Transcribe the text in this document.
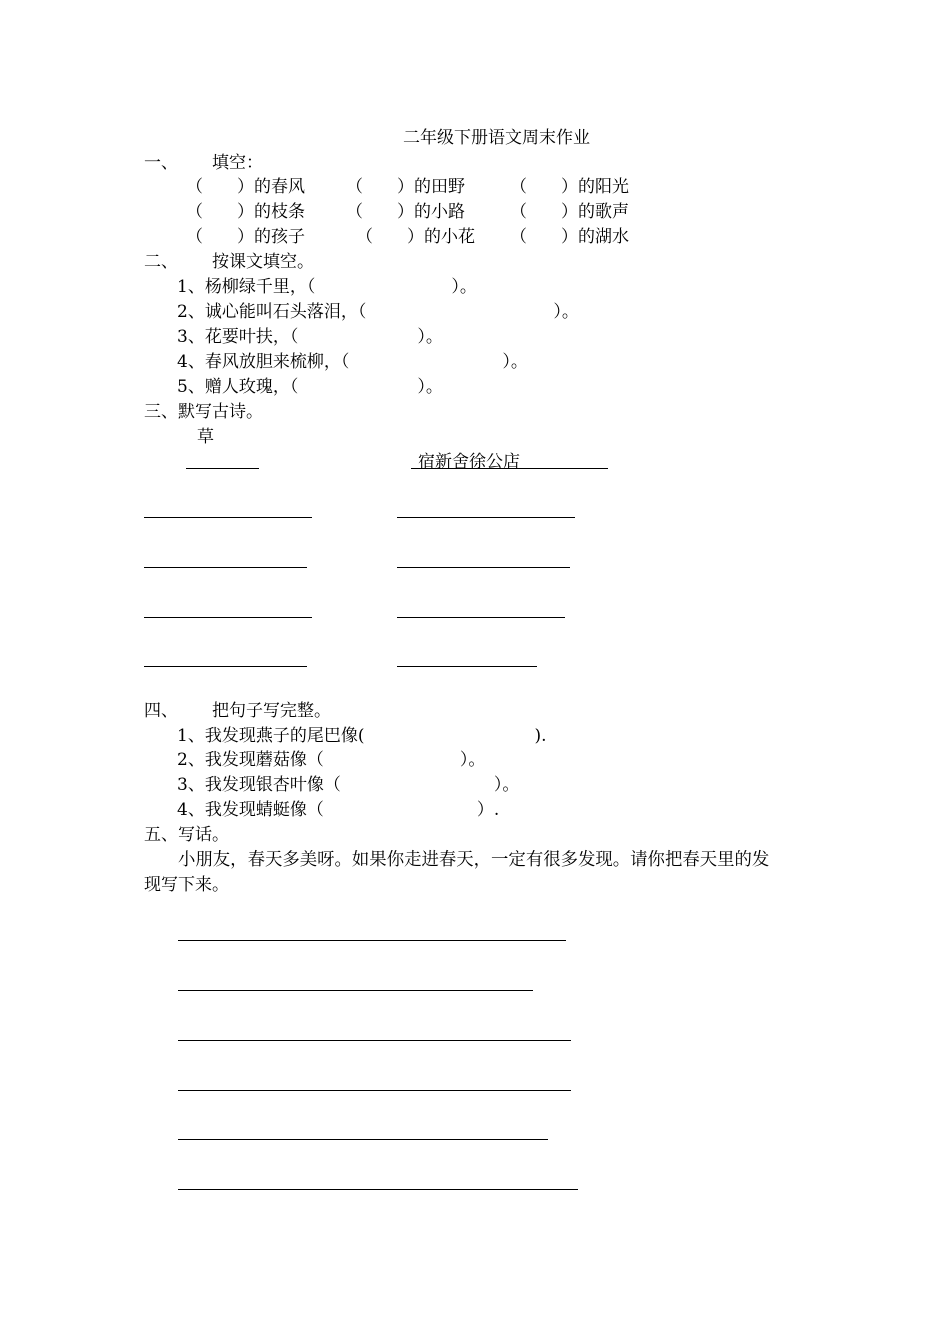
二年级下册语文周末作业
一、 填空：
（　　）的春风 （　　）的田野	（　　）的阳光
（　　）的枝条 （　　）的小路	（　　）的歌声
（　　）的孩子	（　　）的小花 （　　）的湖水
二、 按课文填空。
1、杨柳绿千里，（　　　　　　　　）。
2、诚心能叫石头落泪，（　　　　　　　　　　　）。
3、花要叶扶，（　　　　　　　）。
4、春风放胆来梳柳，（　　　　　　　　　）。
5、赠人玫瑰，（　　　　　　　）。
三、默写古诗。
草
宿新舍徐公店
四、 把句子写完整。
1、我发现燕子的尾巴像(　　　　　　　　　　).
2、我发现蘑菇像（　　　　　　　　）。
3、我发现银杏叶像（　　　　　　　　　）。
4、我发现蜻蜓像（　　　　　　　　　）.
五、写话。
小朋友，春天多美呀。如果你走进春天，一定有很多发现。请你把春天里的发
现写下来。
